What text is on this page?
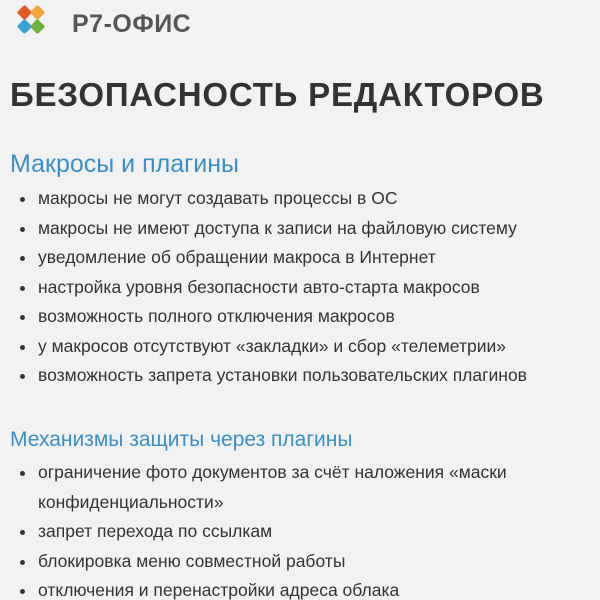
Р7-ОФИС
БЕЗОПАСНОСТЬ РЕДАКТОРОВ
Макросы и плагины
макросы не могут создавать процессы в ОС
макросы не имеют доступа к записи на файловую систему
уведомление об обращении макроса в Интернет
настройка уровня безопасности авто-старта макросов
возможность полного отключения макросов
у макросов отсутствуют «закладки» и сбор «телеметрии»
возможность запрета установки пользовательских плагинов
Механизмы защиты через плагины
ограничение фото документов за счёт наложения «маски конфиденциальности»
запрет перехода по ссылкам
блокировка меню совместной работы
отключения и перенастройки адреса облака
